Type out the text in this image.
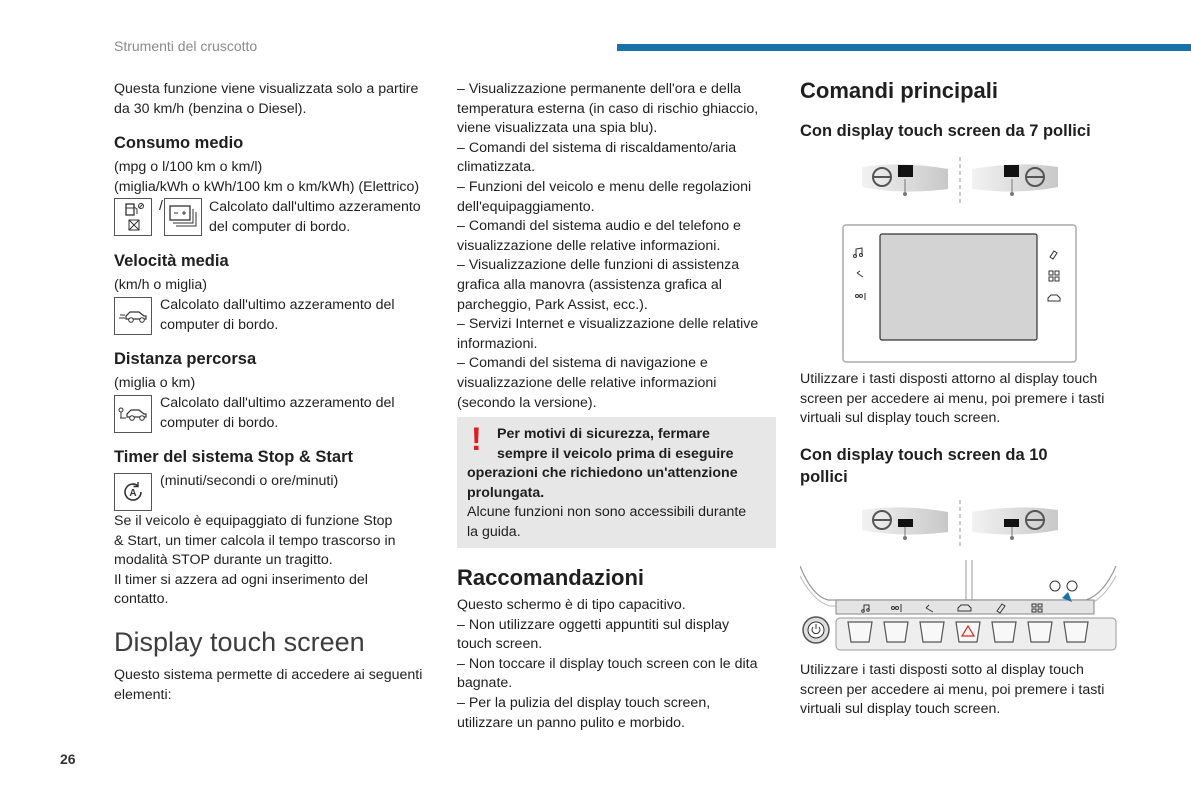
Strumenti del cruscotto

Questa funzione viene visualizzata solo a partire

da 30 km/h (benzina o Diesel).

Consumo medio
(mpg o l/100 km o km/l)
(miglia/kWh o kWh/100 km o km/kWh) (Elettrico)
/	Calcolato dall'ultimo azzeramento

del computer di bordo.

Velocità media
(km/h o miglia)

Calcolato dall'ultimo azzeramento del

computer di bordo.

Distanza percorsa
(miglia o km)

Calcolato dall'ultimo azzeramento del

computer di bordo.

Timer del sistema Stop & Start
A
(minuti/secondi o ore/minuti)

Se il veicolo è equipaggiato di funzione Stop

& Start, un timer calcola il tempo trascorso in

modalità STOP durante un tragitto.

Il timer si azzera ad ogni inserimento del

contatto.

Display touch screen

Questo sistema permette di accedere ai seguenti

elementi:

– Visualizzazione permanente dell'ora e della

temperatura esterna (in caso di rischio ghiaccio,

viene visualizzata una spia blu).

– Comandi del sistema di riscaldamento/aria

climatizzata.

– Funzioni del veicolo e menu delle regolazioni

dell'equipaggiamento.

– Comandi del sistema audio e del telefono e

visualizzazione delle relative informazioni.

– Visualizzazione delle funzioni di assistenza

grafica alla manovra (assistenza grafica al

parcheggio, Park Assist, ecc.).

– Servizi Internet e visualizzazione delle relative

informazioni.

– Comandi del sistema di navigazione e

visualizzazione delle relative informazioni

(secondo la versione).

!	Per motivi di sicurezza, fermare

sempre il veicolo prima di eseguire

operazioni che richiedono un'attenzione

prolungata.

Alcune funzioni non sono accessibili durante

la guida.

Raccomandazioni

Questo schermo è di tipo capacitivo.

– Non utilizzare oggetti appuntiti sul display

touch screen.

– Non toccare il display touch screen con le dita

bagnate.

– Per la pulizia del display touch screen,

utilizzare un panno pulito e morbido.

Comandi principali
Con display touch screen da 7 pollici

Utilizzare i tasti disposti attorno al display touch

screen per accedere ai menu, poi premere i tasti

virtuali sul display touch screen.

Con display touch screen da 10
pollici

Utilizzare i tasti disposti sotto al display touch

screen per accedere ai menu, poi premere i tasti

virtuali sul display touch screen.

26
